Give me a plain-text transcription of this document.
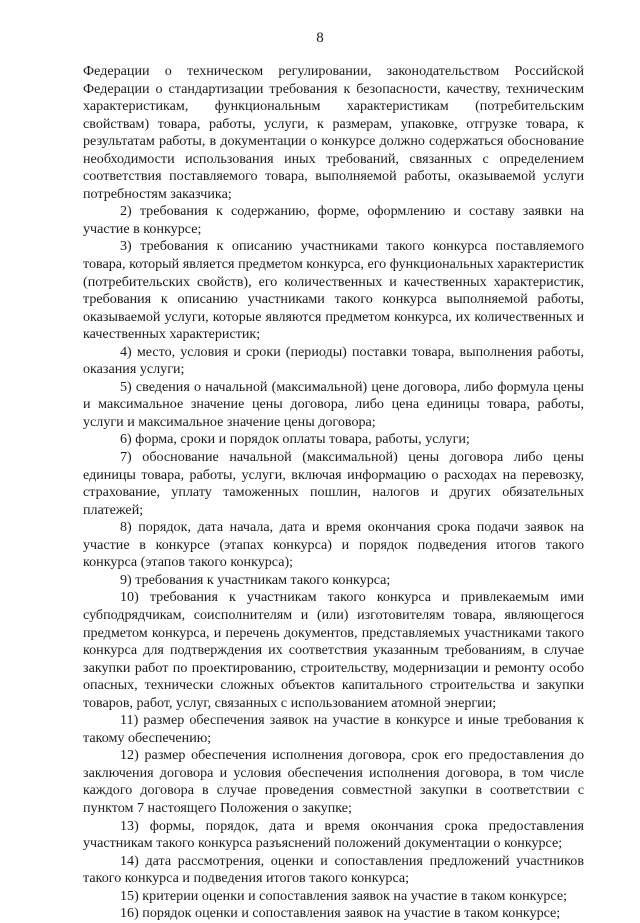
8

Федерации о техническом регулировании, законодательством Российской Федерации о стандартизации требования к безопасности, качеству, техническим характеристикам, функциональным характеристикам (потребительским свойствам) товара, работы, услуги, к размерам, упаковке, отгрузке товара, к результатам работы, в документации о конкурсе должно содержаться обоснование необходимости использования иных требований, связанных с определением соответствия поставляемого товара, выполняемой работы, оказываемой услуги потребностям заказчика;

2) требования к содержанию, форме, оформлению и составу заявки на участие в конкурсе;

3) требования к описанию участниками такого конкурса поставляемого товара, который является предметом конкурса, его функциональных характеристик (потребительских свойств), его количественных и качественных характеристик, требования к описанию участниками такого конкурса выполняемой работы, оказываемой услуги, которые являются предметом конкурса, их количественных и качественных характеристик;

4) место, условия и сроки (периоды) поставки товара, выполнения работы, оказания услуги;

5) сведения о начальной (максимальной) цене договора, либо формула цены и максимальное значение цены договора, либо цена единицы товара, работы, услуги и максимальное значение цены договора;

6) форма, сроки и порядок оплаты товара, работы, услуги;

7) обоснование начальной (максимальной) цены договора либо цены единицы товара, работы, услуги, включая информацию о расходах на перевозку, страхование, уплату таможенных пошлин, налогов и других обязательных платежей;

8) порядок, дата начала, дата и время окончания срока подачи заявок на участие в конкурсе (этапах конкурса) и порядок подведения итогов такого конкурса (этапов такого конкурса);

9) требования к участникам такого конкурса;

10) требования к участникам такого конкурса и привлекаемым ими субподрядчикам, соисполнителям и (или) изготовителям товара, являющегося предметом конкурса, и перечень документов, представляемых участниками такого конкурса для подтверждения их соответствия указанным требованиям, в случае закупки работ по проектированию, строительству, модернизации и ремонту особо опасных, технически сложных объектов капитального строительства и закупки товаров, работ, услуг, связанных с использованием атомной энергии;

11) размер обеспечения заявок на участие в конкурсе и иные требования к такому обеспечению;

12) размер обеспечения исполнения договора, срок его предоставления до заключения договора и условия обеспечения исполнения договора, в том числе каждого договора в случае проведения совместной закупки в соответствии с пунктом 7 настоящего Положения о закупке;

13) формы, порядок, дата и время окончания срока предоставления участникам такого конкурса разъяснений положений документации о конкурсе;

14) дата рассмотрения, оценки и сопоставления предложений участников такого конкурса и подведения итогов такого конкурса;

15) критерии оценки и сопоставления заявок на участие в таком конкурсе;

16) порядок оценки и сопоставления заявок на участие в таком конкурсе;
